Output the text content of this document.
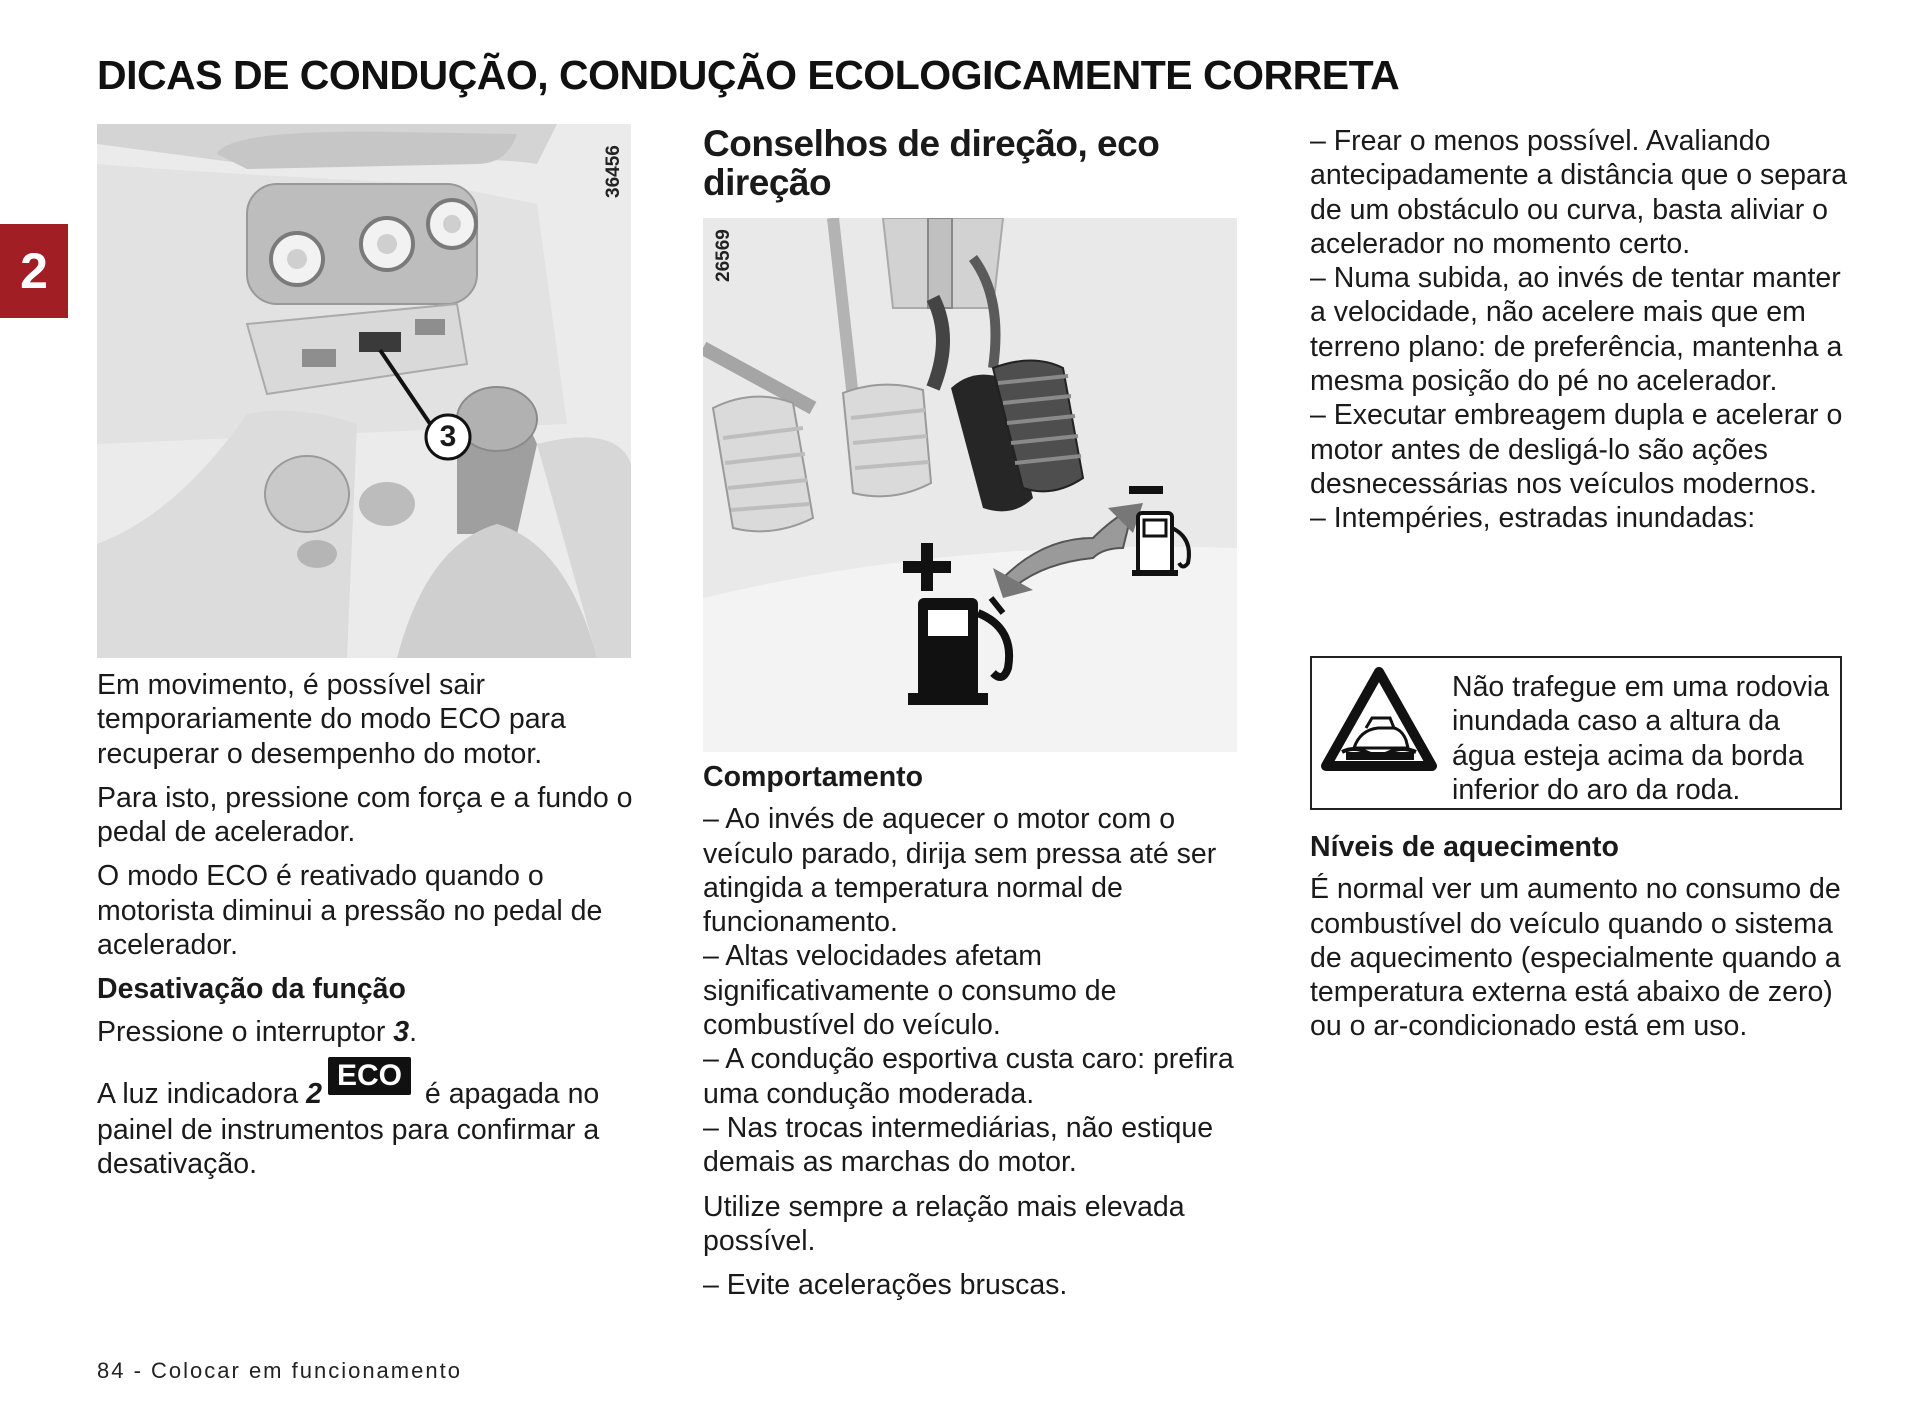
DICAS DE CONDUÇÃO, CONDUÇÃO ECOLOGICAMENTE CORRETA
2
3
36456
Conselhos de direção, eco direção
26569

Em movimento, é possível sair temporariamente do modo ECO para recuperar o desempenho do motor.

Para isto, pressione com força e a fundo o pedal de acelerador.

O modo ECO é reativado quando o motorista diminui a pressão no pedal de acelerador.

Desativação da função

Pressione o interruptor 3.

A luz indicadora 2ECO é apagada no painel de instrumentos para confirmar a desativação.

Comportamento
– Ao invés de aquecer o motor com o veículo parado, dirija sem pressa até ser atingida a temperatura normal de funcionamento.
– Altas velocidades afetam significativamente o consumo de combustível do veículo.
– A condução esportiva custa caro: prefira uma condução moderada.
– Nas trocas intermediárias, não estique demais as marchas do motor.

Utilize sempre a relação mais elevada possível.

– Evite acelerações bruscas.

– Frear o menos possível. Avaliando antecipadamente a distância que o separa de um obstáculo ou curva, basta aliviar o acelerador no momento certo.
– Numa subida, ao invés de tentar manter a velocidade, não acelere mais que em terreno plano: de preferência, mantenha a mesma posição do pé no acelerador.
– Executar embreagem dupla e acelerar o motor antes de desligá-lo são ações desnecessárias nos veículos modernos.
– Intempéries, estradas inundadas:
Não trafegue em uma rodovia inundada caso a altura da água esteja acima da borda inferior do aro da roda.
Níveis de aquecimento

É normal ver um aumento no consumo de combustível do veículo quando o sistema de aquecimento (especialmente quando a temperatura externa está abaixo de zero) ou o ar-condicionado está em uso.

84 - Colocar em funcionamento
